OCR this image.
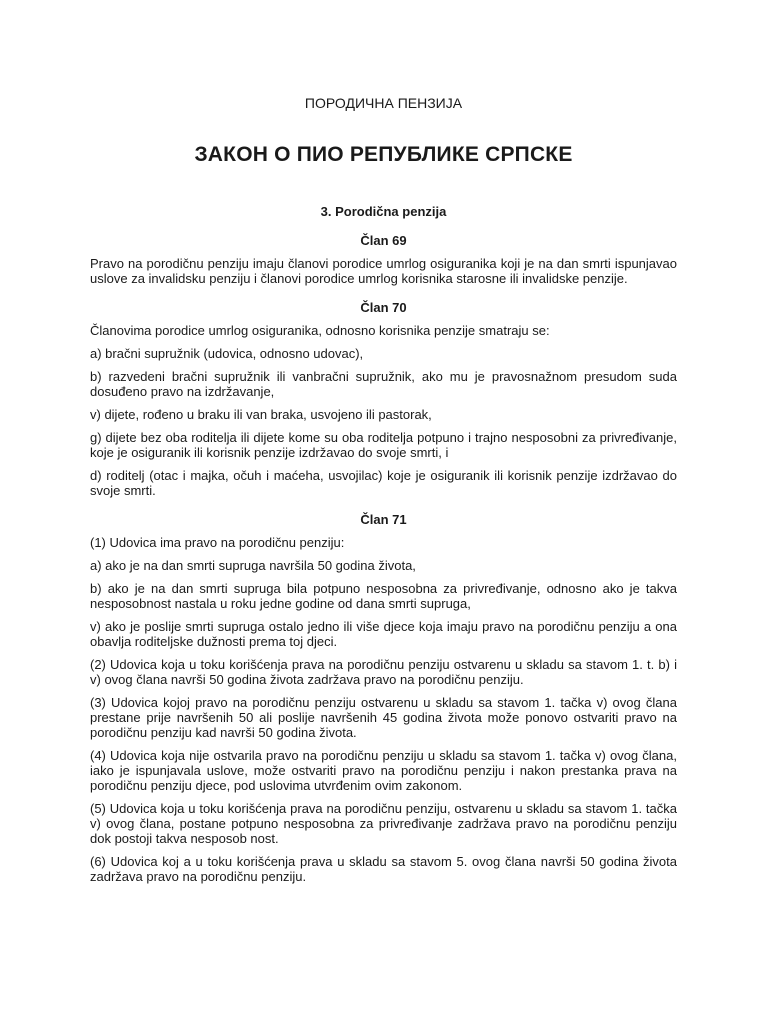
ПОРОДИЧНА ПЕНЗИЈА

ЗАКОН О ПИО РЕПУБЛИКЕ СРПСКЕ
3. Porodična penzija
Član 69

Pravo na porodičnu penziju imaju članovi porodice umrlog osiguranika koji je na dan smrti ispunjavao uslove za invalidsku penziju i članovi porodice umrlog korisnika starosne ili invalidske penzije.

Član 70

Članovima porodice umrlog osiguranika, odnosno korisnika penzije smatraju se:

a) bračni supružnik (udovica, odnosno udovac),

b) razvedeni bračni supružnik ili vanbračni supružnik, ako mu je pravosnažnom presudom suda dosuđeno pravo na izdržavanje,

v) dijete, rođeno u braku ili van braka, usvojeno ili pastorak,

g) dijete bez oba roditelja ili dijete kome su oba roditelja potpuno i trajno nesposobni za privređivanje, koje je osiguranik ili korisnik penzije izdržavao do svoje smrti, i

d) roditelj (otac i majka, očuh i maćeha, usvojilac) koje je osiguranik ili korisnik penzije izdržavao do svoje smrti.

Član 71

(1) Udovica ima pravo na porodičnu penziju:

a) ako je na dan smrti supruga navršila 50 godina života,

b) ako je na dan smrti supruga bila potpuno nesposobna za privređivanje, odnosno ako je takva nesposobnost nastala u roku jedne godine od dana smrti supruga,

v) ako je poslije smrti supruga ostalo jedno ili više djece koja imaju pravo na porodičnu penziju a ona obavlja roditeljske dužnosti prema toj djeci.

(2) Udovica koja u toku korišćenja prava na porodičnu penziju ostvarenu u skladu sa stavom 1. t. b) i v) ovog člana navrši 50 godina života zadržava pravo na porodičnu penziju.

(3) Udovica kojoj pravo na porodičnu penziju ostvarenu u skladu sa stavom 1. tačka v) ovog člana prestane prije navršenih 50 ali poslije navršenih 45 godina života može ponovo ostvariti pravo na porodičnu penziju kad navrši 50 godina života.

(4) Udovica koja nije ostvarila pravo na porodičnu penziju u skladu sa stavom 1. tačka v) ovog člana, iako je ispunjavala uslove, može ostvariti pravo na porodičnu penziju i nakon prestanka prava na porodičnu penziju djece, pod uslovima utvrđenim ovim zakonom.

(5) Udovica koja u toku korišćenja prava na porodičnu penziju, ostvarenu u skladu sa stavom 1. tačka v) ovog člana, postane potpuno nesposobna za privređivanje zadržava pravo na porodičnu penziju dok postoji takva nesposob nost.

(6) Udovica koj a u toku korišćenja prava u skladu sa stavom 5. ovog člana navrši 50 godina života zadržava pravo na porodičnu penziju.
